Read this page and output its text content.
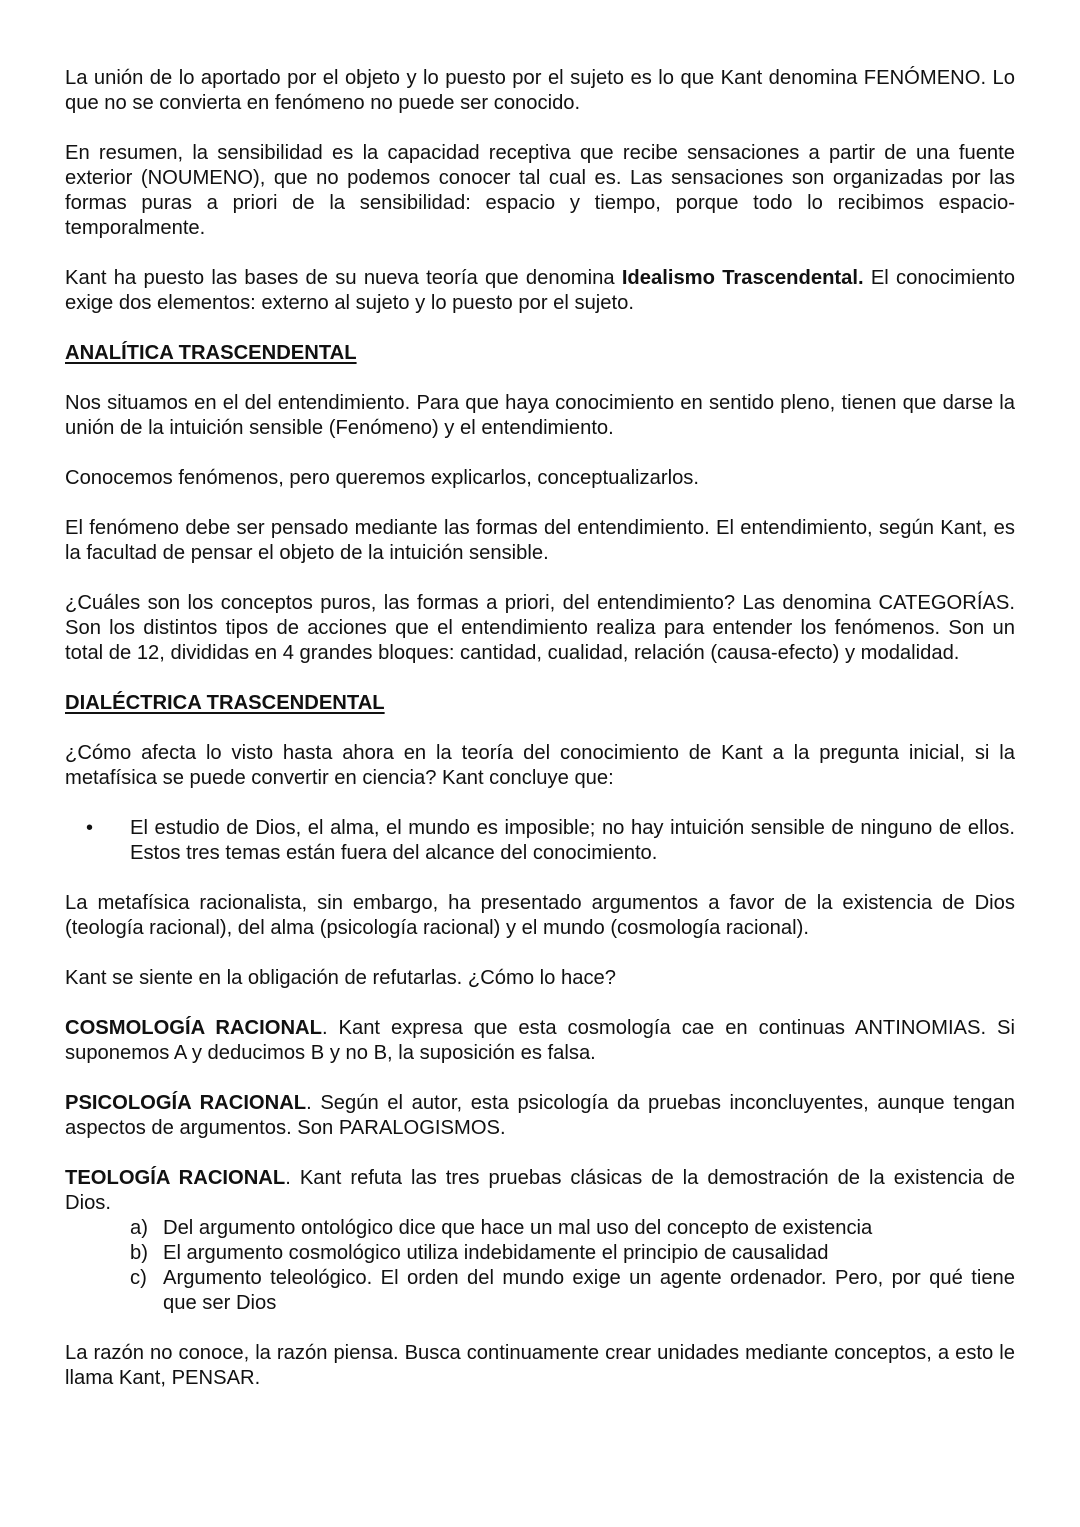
La unión de lo aportado por el objeto y lo puesto por el sujeto es lo que Kant denomina FENÓMENO. Lo que no se convierta en fenómeno no puede ser conocido.

En resumen, la sensibilidad es la capacidad receptiva que recibe sensaciones a partir de una fuente exterior (NOUMENO), que no podemos conocer tal cual es. Las sensaciones son organizadas por las formas puras a priori de la sensibilidad: espacio y tiempo, porque todo lo recibimos espacio-temporalmente.

Kant ha puesto las bases de su nueva teoría que denomina Idealismo Trascendental. El conocimiento exige dos elementos: externo al sujeto y lo puesto por el sujeto.

ANALÍTICA TRASCENDENTAL

Nos situamos en el del entendimiento. Para que haya conocimiento en sentido pleno, tienen que darse la unión de la intuición sensible (Fenómeno) y el entendimiento.

Conocemos fenómenos, pero queremos explicarlos, conceptualizarlos.

El fenómeno debe ser pensado mediante las formas del entendimiento. El entendimiento, según Kant, es la facultad de pensar el objeto de la intuición sensible.

¿Cuáles son los conceptos puros, las formas a priori, del entendimiento? Las denomina CATEGORÍAS. Son los distintos tipos de acciones que el entendimiento realiza para entender los fenómenos. Son un total de 12, divididas en 4 grandes bloques: cantidad, cualidad, relación (causa-efecto) y modalidad.

DIALÉCTRICA TRASCENDENTAL

¿Cómo afecta lo visto hasta ahora en la teoría del conocimiento de Kant a la pregunta inicial, si la metafísica se puede convertir en ciencia? Kant concluye que:

• El estudio de Dios, el alma, el mundo es imposible; no hay intuición sensible de ninguno de ellos. Estos tres temas están fuera del alcance del conocimiento.

La metafísica racionalista, sin embargo, ha presentado argumentos a favor de la existencia de Dios (teología racional), del alma (psicología racional) y el mundo (cosmología racional).

Kant se siente en la obligación de refutarlas. ¿Cómo lo hace?

COSMOLOGÍA RACIONAL. Kant expresa que esta cosmología cae en continuas ANTINOMIAS. Si suponemos A y deducimos B y no B, la suposición es falsa.

PSICOLOGÍA RACIONAL. Según el autor, esta psicología da pruebas inconcluyentes, aunque tengan aspectos de argumentos. Son PARALOGISMOS.

TEOLOGÍA RACIONAL. Kant refuta las tres pruebas clásicas de la demostración de la existencia de Dios.

a) Del argumento ontológico dice que hace un mal uso del concepto de existencia
b) El argumento cosmológico utiliza indebidamente el principio de causalidad
c) Argumento teleológico. El orden del mundo exige un agente ordenador. Pero, por qué tiene que ser Dios

La razón no conoce, la razón piensa. Busca continuamente crear unidades mediante conceptos, a esto le llama Kant, PENSAR.
